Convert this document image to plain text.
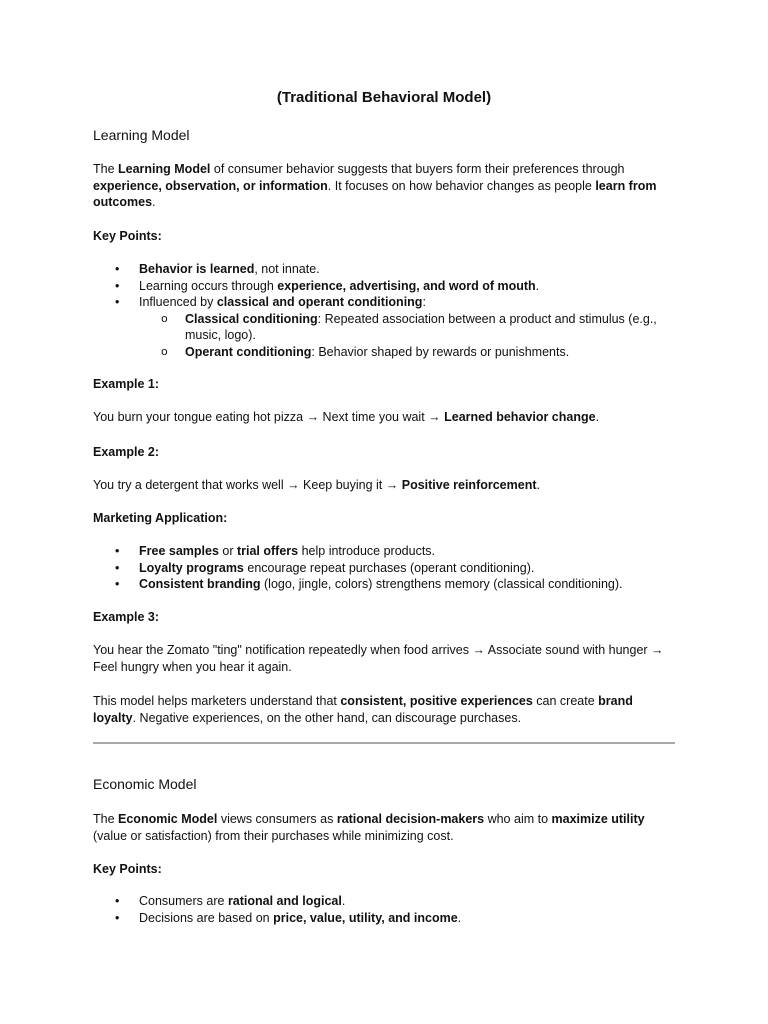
(Traditional Behavioral Model)
Learning Model
The Learning Model of consumer behavior suggests that buyers form their preferences through experience, observation, or information. It focuses on how behavior changes as people learn from outcomes.
Key Points:
• Behavior is learned, not innate.
• Learning occurs through experience, advertising, and word of mouth.
• Influenced by classical and operant conditioning:
o Classical conditioning: Repeated association between a product and stimulus (e.g., music, logo).
o Operant conditioning: Behavior shaped by rewards or punishments.
Example 1:
You burn your tongue eating hot pizza → Next time you wait → Learned behavior change.
Example 2:
You try a detergent that works well → Keep buying it → Positive reinforcement.
Marketing Application:
• Free samples or trial offers help introduce products.
• Loyalty programs encourage repeat purchases (operant conditioning).
• Consistent branding (logo, jingle, colors) strengthens memory (classical conditioning).
Example 3:
You hear the Zomato "ting" notification repeatedly when food arrives → Associate sound with hunger → Feel hungry when you hear it again.
This model helps marketers understand that consistent, positive experiences can create brand loyalty. Negative experiences, on the other hand, can discourage purchases.
Economic Model
The Economic Model views consumers as rational decision-makers who aim to maximize utility (value or satisfaction) from their purchases while minimizing cost.
Key Points:
• Consumers are rational and logical.
• Decisions are based on price, value, utility, and income.
